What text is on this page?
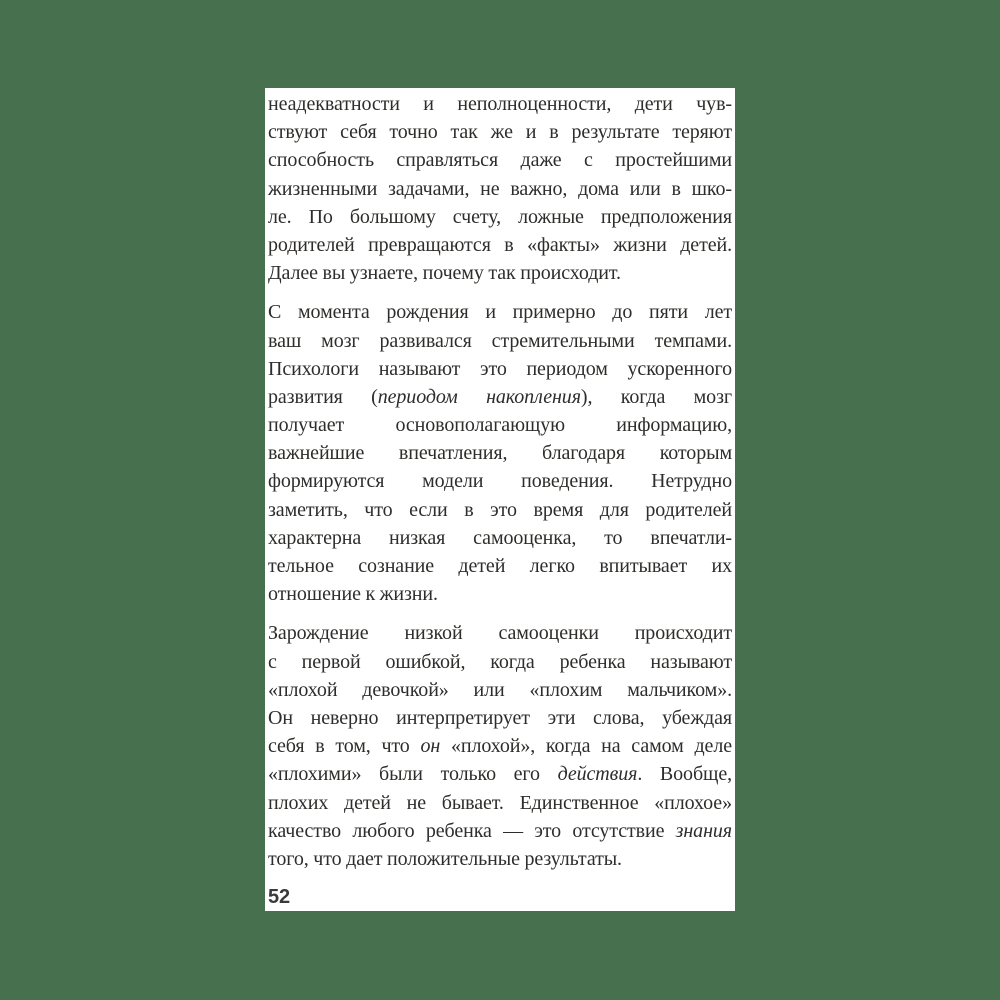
неадекватности и неполноценности, дети чув-
ствуют себя точно так же и в результате теряют
способность справляться даже с простейшими
жизненными задачами, не важно, дома или в шко-
ле. По большому счету, ложные предположения
родителей превращаются в «факты» жизни детей.
Далее вы узнаете, почему так происходит.
С момента рождения и примерно до пяти лет
ваш мозг развивался стремительными темпами.
Психологи называют это периодом ускоренного
развития (периодом накопления), когда мозг
получает основополагающую информацию,
важнейшие впечатления, благодаря которым
формируются модели поведения. Нетрудно
заметить, что если в это время для родителей
характерна низкая самооценка, то впечатли-
тельное сознание детей легко впитывает их
отношение к жизни.
Зарождение низкой самооценки происходит
с первой ошибкой, когда ребенка называют
«плохой девочкой» или «плохим мальчиком».
Он неверно интерпретирует эти слова, убеждая
себя в том, что он «плохой», когда на самом деле
«плохими» были только его действия. Вообще,
плохих детей не бывает. Единственное «плохое»
качество любого ребенка — это отсутствие знания
того, что дает положительные результаты.
52
